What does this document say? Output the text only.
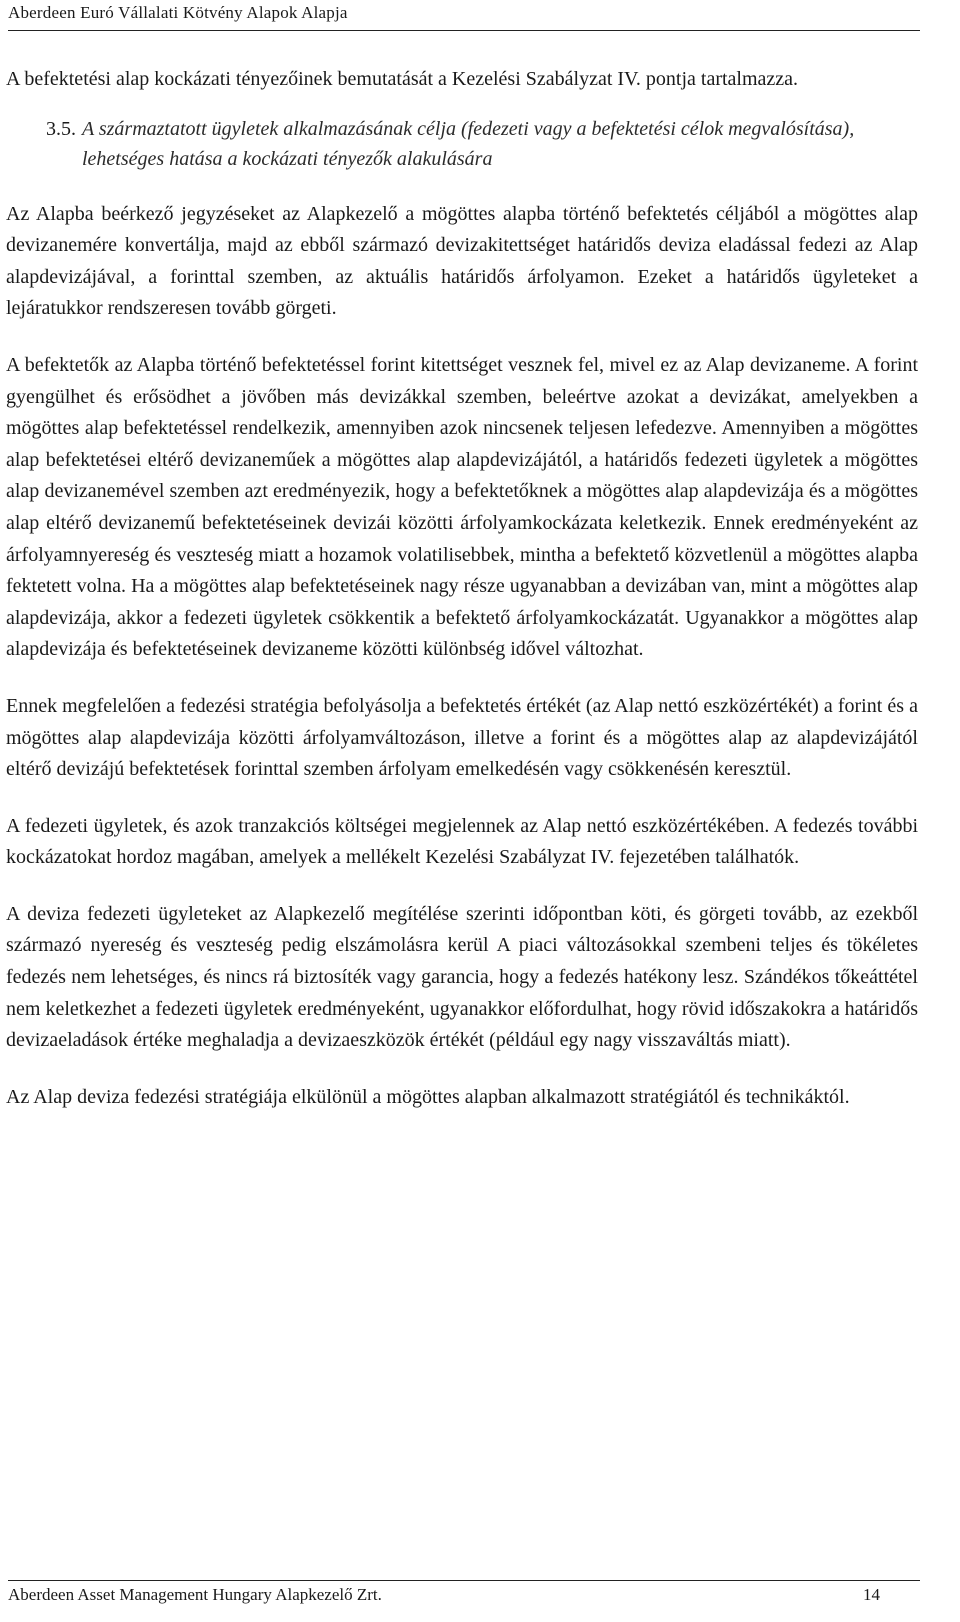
Aberdeen Euró Vállalati Kötvény Alapok Alapja

A befektetési alap kockázati tényezőinek bemutatását a Kezelési Szabályzat IV. pontja tartalmazza.

3.5. A származtatott ügyletek alkalmazásának célja (fedezeti vagy a befektetési célok megvalósítása), lehetséges hatása a kockázati tényezők alakulására

Az Alapba beérkező jegyzéseket az Alapkezelő a mögöttes alapba történő befektetés céljából a mögöttes alap devizanemére konvertálja, majd az ebből származó devizakitettséget határidős deviza eladással fedezi az Alap alapdevizájával, a forinttal szemben, az aktuális határidős árfolyamon. Ezeket a határidős ügyleteket a lejáratukkor rendszeresen tovább görgeti.

A befektetők az Alapba történő befektetéssel forint kitettséget vesznek fel, mivel ez az Alap devizaneme. A forint gyengülhet és erősödhet a jövőben más devizákkal szemben, beleértve azokat a devizákat, amelyekben a mögöttes alap befektetéssel rendelkezik, amennyiben azok nincsenek teljesen lefedezve. Amennyiben a mögöttes alap befektetései eltérő devizaneműek a mögöttes alap alapdevizájától, a határidős fedezeti ügyletek a mögöttes alap devizanemével szemben azt eredményezik, hogy a befektetőknek a mögöttes alap alapdevizája és a mögöttes alap eltérő devizanemű befektetéseinek devizái közötti árfolyamkockázata keletkezik. Ennek eredményeként az árfolyamnyereség és veszteség miatt a hozamok volatilisebbek, mintha a befektető közvetlenül a mögöttes alapba fektetett volna. Ha a mögöttes alap befektetéseinek nagy része ugyanabban a devizában van, mint a mögöttes alap alapdevizája, akkor a fedezeti ügyletek csökkentik a befektető árfolyamkockázatát. Ugyanakkor a mögöttes alap alapdevizája és befektetéseinek devizaneme közötti különbség idővel változhat.

Ennek megfelelően a fedezési stratégia befolyásolja a befektetés értékét (az Alap nettó eszközértékét) a forint és a mögöttes alap alapdevizája közötti árfolyamváltozáson, illetve a forint és a mögöttes alap az alapdevizájától eltérő devizájú befektetések forinttal szemben árfolyam emelkedésén vagy csökkenésén keresztül.

A fedezeti ügyletek, és azok tranzakciós költségei megjelennek az Alap nettó eszközértékében. A fedezés további kockázatokat hordoz magában, amelyek a mellékelt Kezelési Szabályzat IV. fejezetében találhatók.

A deviza fedezeti ügyleteket az Alapkezelő megítélése szerinti időpontban köti, és görgeti tovább, az ezekből származó nyereség és veszteség pedig elszámolásra kerül A piaci változásokkal szembeni teljes és tökéletes fedezés nem lehetséges, és nincs rá biztosíték vagy garancia, hogy a fedezés hatékony lesz. Szándékos tőkeáttétel nem keletkezhet a fedezeti ügyletek eredményeként, ugyanakkor előfordulhat, hogy rövid időszakokra a határidős devizaeladások értéke meghaladja a devizaeszközök értékét (például egy nagy visszaváltás miatt).

Az Alap deviza fedezési stratégiája elkülönül a mögöttes alapban alkalmazott stratégiától és technikáktól.

Aberdeen Asset Management Hungary Alapkezelő Zrt.	14
